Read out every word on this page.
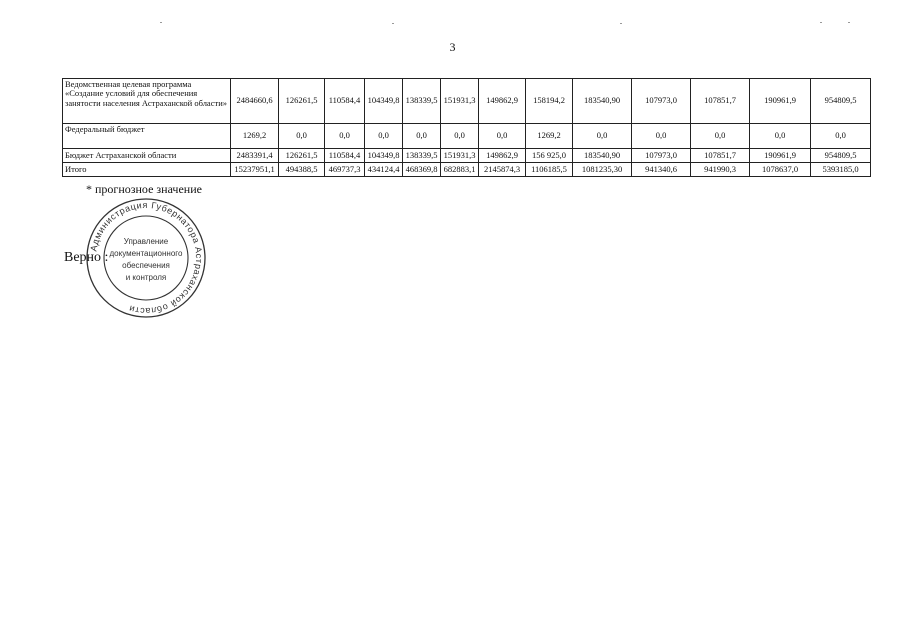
3
Ведомственная целевая программа «Создание условий для обеспечения занятости населения Астраханской области»	2484660,6	126261,5	110584,4	104349,8	138339,5	151931,3	149862,9	158194,2	183540,90	107973,0	107851,7	190961,9	954809,5
Федеральный бюджет	1269,2	0,0	0,0	0,0	0,0	0,0	0,0	1269,2	0,0	0,0	0,0	0,0	0,0
Бюджет Астраханской области	2483391,4	126261,5	110584,4	104349,8	138339,5	151931,3	149862,9	156 925,0	183540,90	107973,0	107851,7	190961,9	954809,5
Итого	15237951,1	494388,5	469737,3	434124,4	468369,8	682883,1	2145874,3	1106185,5	1081235,30	941340,6	941990,3	1078637,0	5393185,0
* прогнозное значение
Администрация Губернатора Астраханской области
Управление
документационного
обеспечения
и контроля
Верно :
